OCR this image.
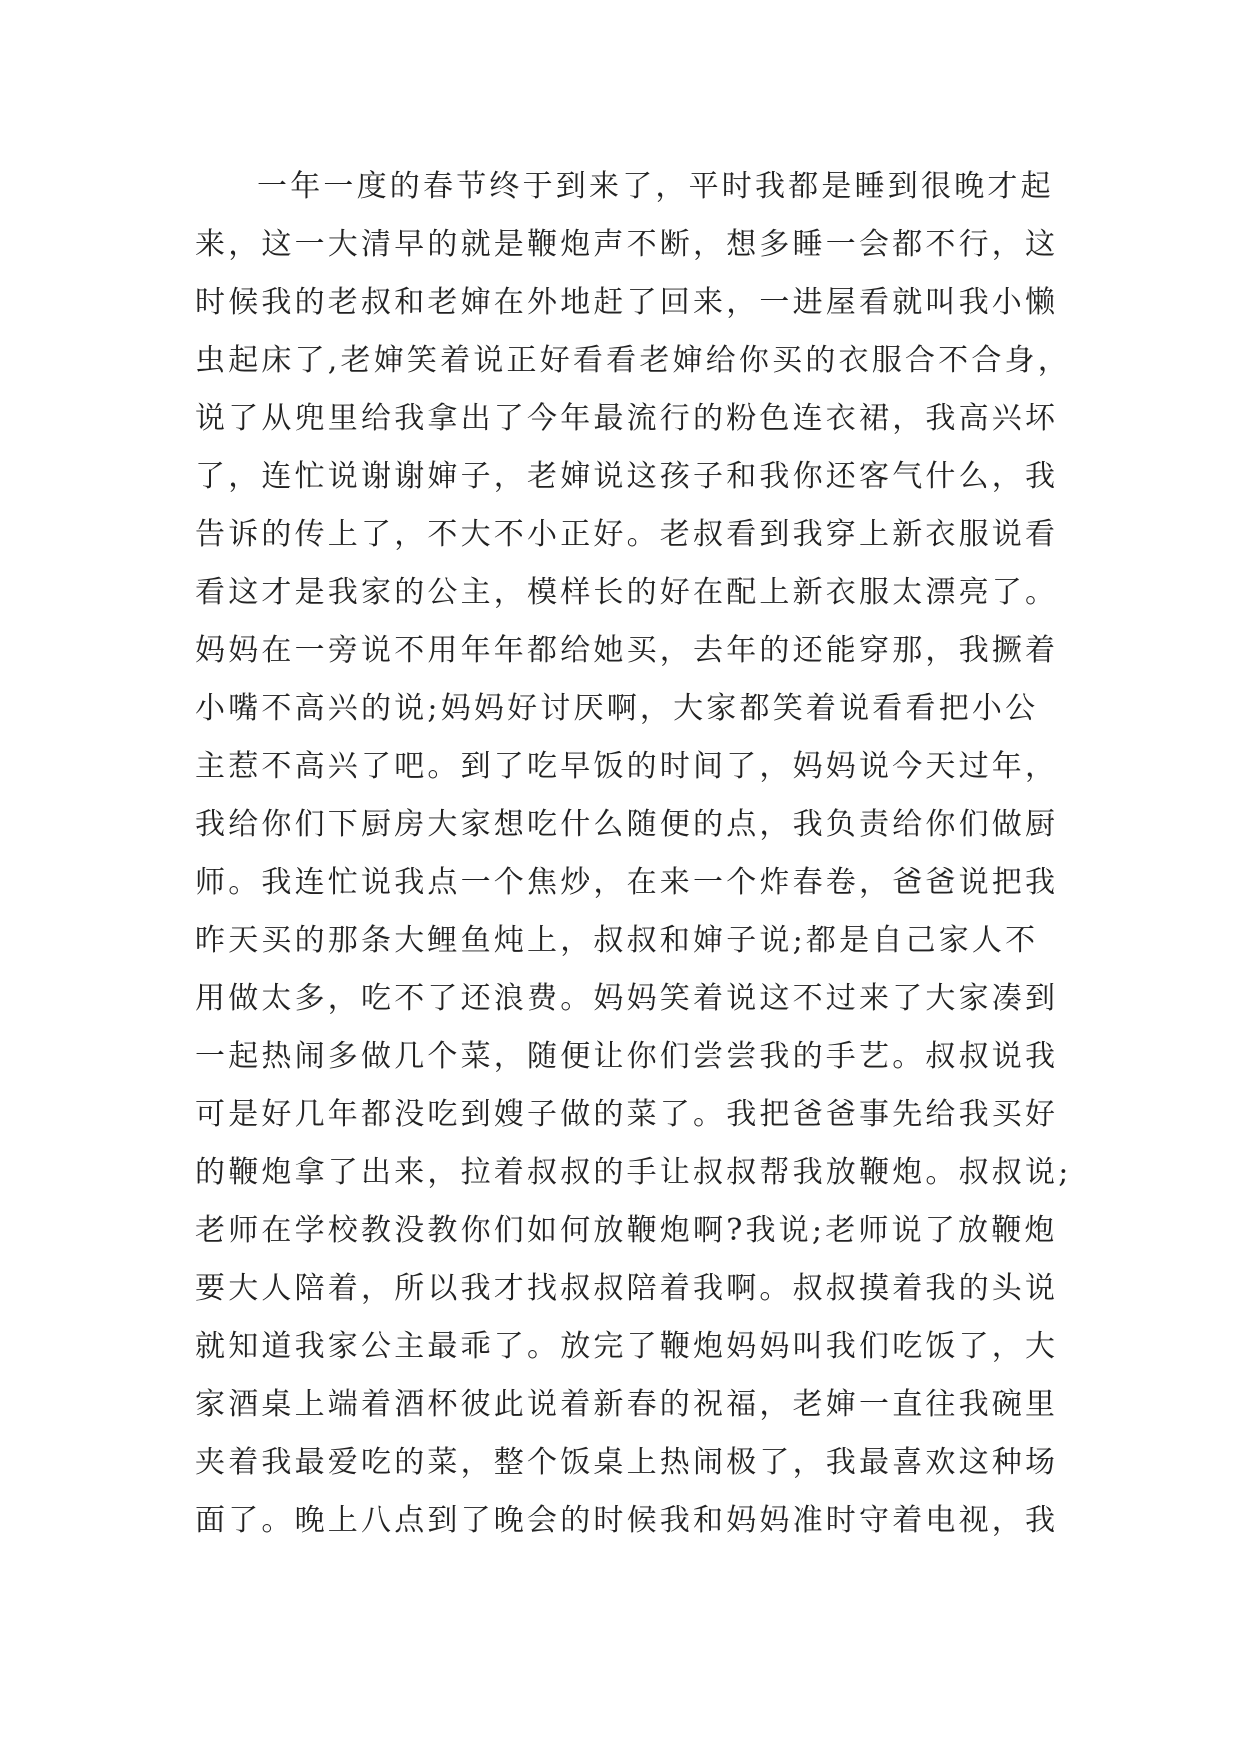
一年一度的春节终于到来了，平时我都是睡到很晚才起
来，这一大清早的就是鞭炮声不断，想多睡一会都不行，这
时候我的老叔和老婶在外地赶了回来，一进屋看就叫我小懒
虫起床了,老婶笑着说正好看看老婶给你买的衣服合不合身，
说了从兜里给我拿出了今年最流行的粉色连衣裙，我高兴坏
了，连忙说谢谢婶子，老婶说这孩子和我你还客气什么，我
告诉的传上了，不大不小正好。老叔看到我穿上新衣服说看
看这才是我家的公主，模样长的好在配上新衣服太漂亮了。
妈妈在一旁说不用年年都给她买，去年的还能穿那，我撅着
小嘴不高兴的说;妈妈好讨厌啊，大家都笑着说看看把小公
主惹不高兴了吧。到了吃早饭的时间了，妈妈说今天过年，
我给你们下厨房大家想吃什么随便的点，我负责给你们做厨
师。我连忙说我点一个焦炒，在来一个炸春卷，爸爸说把我
昨天买的那条大鲤鱼炖上，叔叔和婶子说;都是自己家人不
用做太多，吃不了还浪费。妈妈笑着说这不过来了大家凑到
一起热闹多做几个菜，随便让你们尝尝我的手艺。叔叔说我
可是好几年都没吃到嫂子做的菜了。我把爸爸事先给我买好
的鞭炮拿了出来，拉着叔叔的手让叔叔帮我放鞭炮。叔叔说;
老师在学校教没教你们如何放鞭炮啊?我说;老师说了放鞭炮
要大人陪着，所以我才找叔叔陪着我啊。叔叔摸着我的头说
就知道我家公主最乖了。放完了鞭炮妈妈叫我们吃饭了，大
家酒桌上端着酒杯彼此说着新春的祝福，老婶一直往我碗里
夹着我最爱吃的菜，整个饭桌上热闹极了，我最喜欢这种场
面了。晚上八点到了晚会的时候我和妈妈准时守着电视，我
